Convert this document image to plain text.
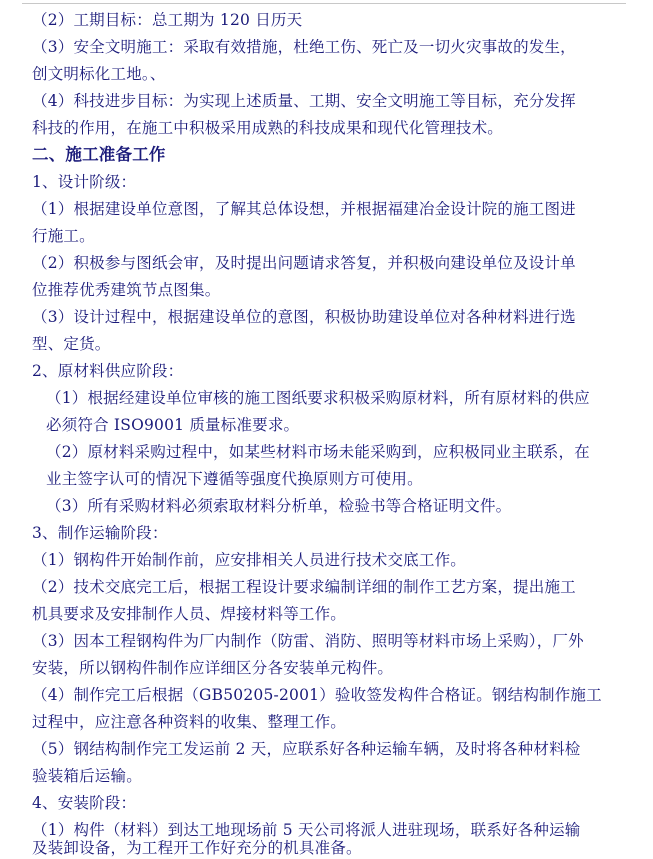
（2）工期目标：总工期为 120 日历天
（3）安全文明施工：采取有效措施，杜绝工伤、死亡及一切火灾事故的发生，
创文明标化工地。、
（4）科技进步目标：为实现上述质量、工期、安全文明施工等目标，充分发挥
科技的作用，在施工中积极采用成熟的科技成果和现代化管理技术。
二、施工准备工作
1、设计阶级：
（1）根据建设单位意图，了解其总体设想，并根据福建冶金设计院的施工图进
行施工。
（2）积极参与图纸会审，及时提出问题请求答复，并积极向建设单位及设计单
位推荐优秀建筑节点图集。
（3）设计过程中，根据建设单位的意图，积极协助建设单位对各种材料进行选
型、定货。
2、原材料供应阶段：
（1）根据经建设单位审核的施工图纸要求积极采购原材料，所有原材料的供应
必须符合 ISO9001 质量标准要求。
（2）原材料采购过程中，如某些材料市场未能采购到，应积极同业主联系，在
业主签字认可的情况下遵循等强度代换原则方可使用。
（3）所有采购材料必须索取材料分析单，检验书等合格证明文件。
3、制作运输阶段：
（1）钢构件开始制作前，应安排相关人员进行技术交底工作。
（2）技术交底完工后，根据工程设计要求编制详细的制作工艺方案，提出施工
机具要求及安排制作人员、焊接材料等工作。
（3）因本工程钢构件为厂内制作（防雷、消防、照明等材料市场上采购），厂外
安装，所以钢构件制作应详细区分各安装单元构件。
（4）制作完工后根据（GB50205-2001）验收签发构件合格证。钢结构制作施工
过程中，应注意各种资料的收集、整理工作。
（5）钢结构制作完工发运前 2 天，应联系好各种运输车辆，及时将各种材料检
验装箱后运输。
4、安装阶段：
（1）构件（材料）到达工地现场前 5 天公司将派人进驻现场，联系好各种运输
及装卸设备，为工程开工作好充分的机具准备。
